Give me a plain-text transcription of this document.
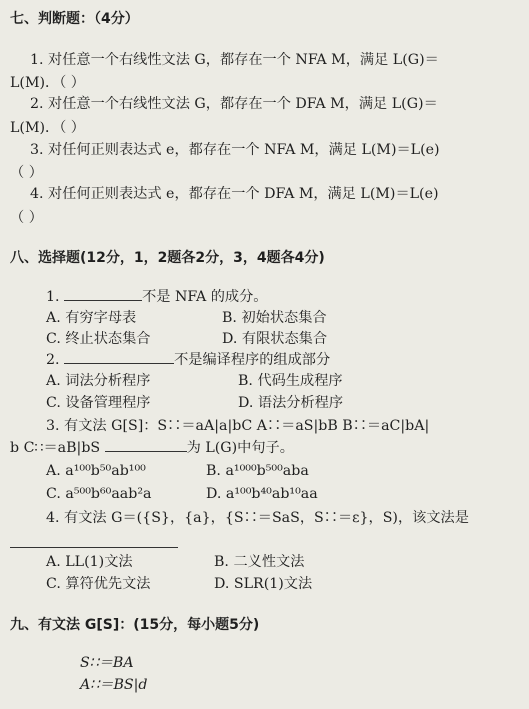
七、判断题：（4分）
1. 对任意一个右线性文法 G，都存在一个 NFA M，满足 L(G)＝
L(M)．（ ）
2. 对任意一个右线性文法 G，都存在一个 DFA M，满足 L(G)＝
L(M)．（ ）
3. 对任何正则表达式 e，都存在一个 NFA M，满足 L(M)＝L(e)
（ ）
4. 对任何正则表达式 e，都存在一个 DFA M，满足 L(M)＝L(e)
（ ）
八、选择题(12分，1，2题各2分，3，4题各4分)
1.	不是 NFA 的成分。
A. 有穷字母表	B. 初始状态集合
C. 终止状态集合	D. 有限状态集合
2.	不是编译程序的组成部分
A. 词法分析程序	B. 代码生成程序
C. 设备管理程序	D. 语法分析程序
3. 有文法 G[S]：S∷＝aA|a|bC A∷＝aS|bB B∷＝aC|bA|
b C∷＝aB|bS	为 L(G)中句子。
A. a¹⁰⁰b⁵⁰ab¹⁰⁰	B. a¹⁰⁰⁰b⁵⁰⁰aba
C. a⁵⁰⁰b⁶⁰aab²a	D. a¹⁰⁰b⁴⁰ab¹⁰aa
4. 有文法 G＝({S}，{a}，{S∷＝SaS，S∷＝ε}，S)，该文法是
A. LL(1)文法	B. 二义性文法
C. 算符优先文法	D. SLR(1)文法
九、有文法 G[S]：(15分，每小题5分)
S∷＝BA
A∷＝BS|d
